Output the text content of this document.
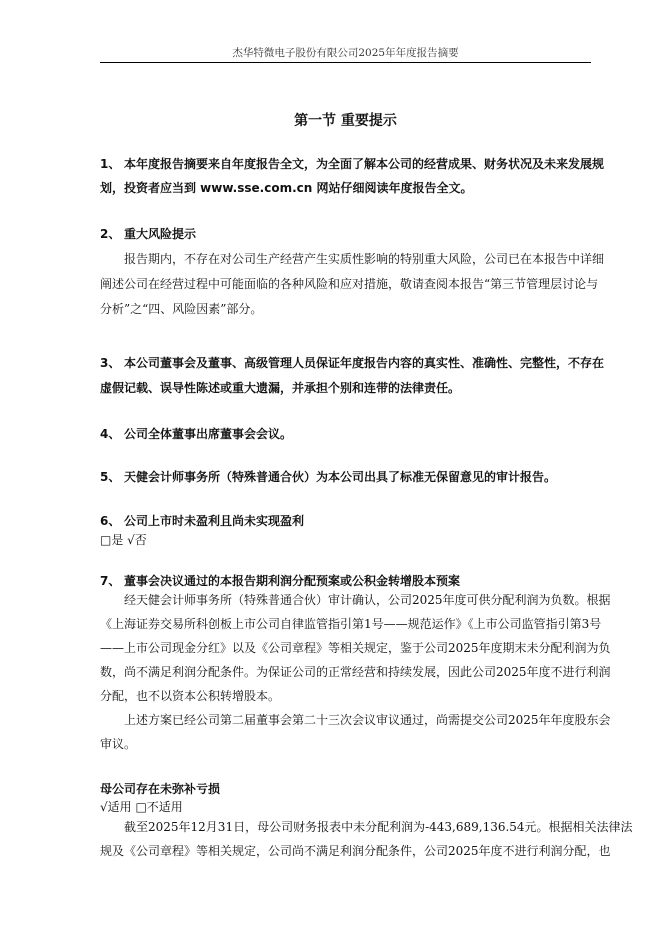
杰华特微电子股份有限公司2025年年度报告摘要
第一节 重要提示
1、 本年度报告摘要来自年度报告全文，为全面了解本公司的经营成果、财务状况及未来发展规
划，投资者应当到 www.sse.com.cn 网站仔细阅读年度报告全文。
2、 重大风险提示
报告期内，不存在对公司生产经营产生实质性影响的特别重大风险，公司已在本报告中详细
阐述公司在经营过程中可能面临的各种风险和应对措施，敬请查阅本报告“第三节管理层讨论与
分析”之“四、风险因素”部分。
3、 本公司董事会及董事、高级管理人员保证年度报告内容的真实性、准确性、完整性，不存在
虚假记载、误导性陈述或重大遗漏，并承担个别和连带的法律责任。
4、 公司全体董事出席董事会会议。
5、 天健会计师事务所（特殊普通合伙）为本公司出具了标准无保留意见的审计报告。
6、 公司上市时未盈利且尚未实现盈利
□是 √否
7、 董事会决议通过的本报告期利润分配预案或公积金转增股本预案
经天健会计师事务所（特殊普通合伙）审计确认，公司2025年度可供分配利润为负数。根据
《上海证券交易所科创板上市公司自律监管指引第1号——规范运作》《上市公司监管指引第3号
——上市公司现金分红》以及《公司章程》等相关规定，鉴于公司2025年度期末未分配利润为负
数，尚不满足利润分配条件。为保证公司的正常经营和持续发展，因此公司2025年度不进行利润
分配，也不以资本公积转增股本。
上述方案已经公司第二届董事会第二十三次会议审议通过，尚需提交公司2025年年度股东会
审议。
母公司存在未弥补亏损
√适用 □不适用
截至2025年12月31日，母公司财务报表中未分配利润为-443,689,136.54元。根据相关法律法
规及《公司章程》等相关规定，公司尚不满足利润分配条件，公司2025年度不进行利润分配，也
